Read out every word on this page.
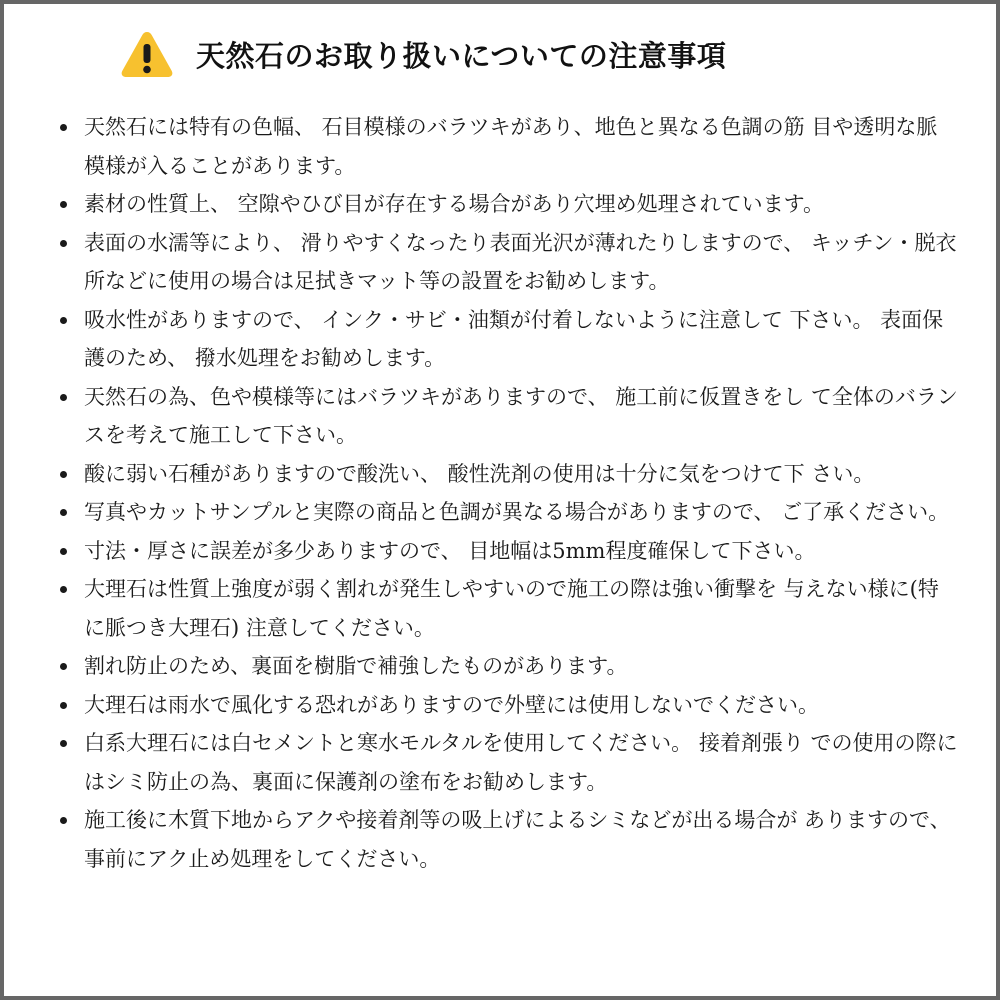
天然石のお取り扱いについての注意事項
天然石には特有の色幅、 石目模様のバラツキがあり、地色と異なる色調の筋 目や透明な脈模様が入ることがあります。
素材の性質上、 空隙やひび目が存在する場合があり穴埋め処理されています。
表面の水濡等により、 滑りやすくなったり表面光沢が薄れたりしますので、 キッチン・脱衣所などに使用の場合は足拭きマット等の設置をお勧めします。
吸水性がありますので、 インク・サビ・油類が付着しないように注意して 下さい。 表面保護のため、 撥水処理をお勧めします。
天然石の為、色や模様等にはバラツキがありますので、 施工前に仮置きをし て全体のバランスを考えて施工して下さい。
酸に弱い石種がありますので酸洗い、 酸性洗剤の使用は十分に気をつけて下 さい。
写真やカットサンプルと実際の商品と色調が異なる場合がありますので、 ご了承ください。
寸法・厚さに誤差が多少ありますので、 目地幅は5mm程度確保して下さい。
大理石は性質上強度が弱く割れが発生しやすいので施工の際は強い衝撃を 与えない様に(特に脈つき大理石) 注意してください。
割れ防止のため、裏面を樹脂で補強したものがあります。
大理石は雨水で風化する恐れがありますので外壁には使用しないでください。
白系大理石には白セメントと寒水モルタルを使用してください。 接着剤張り での使用の際にはシミ防止の為、裏面に保護剤の塗布をお勧めします。
施工後に木質下地からアクや接着剤等の吸上げによるシミなどが出る場合が ありますので、 事前にアク止め処理をしてください。
